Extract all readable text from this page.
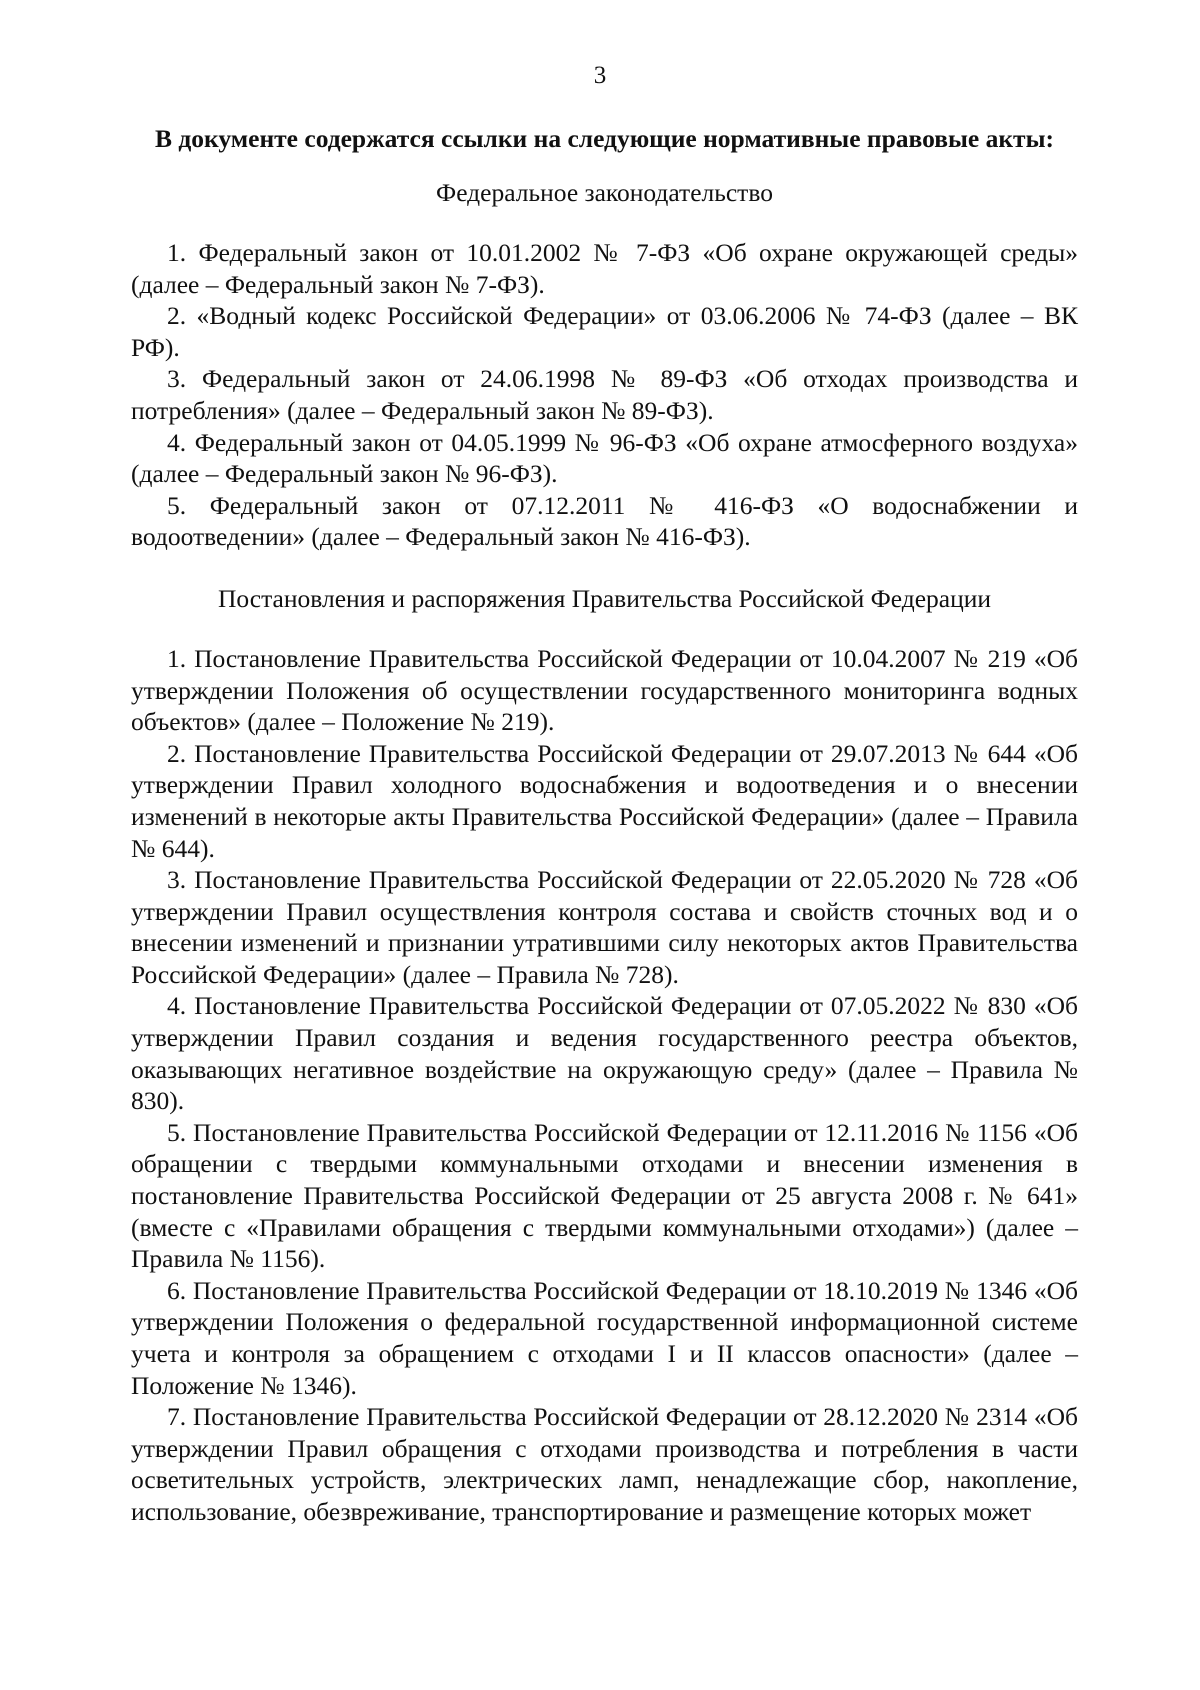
3
В документе содержатся ссылки на следующие нормативные правовые акты:
Федеральное законодательство

1. Федеральный закон от 10.01.2002 № 7-ФЗ «Об охране окружающей среды» (далее – Федеральный закон № 7-ФЗ).

2. «Водный кодекс Российской Федерации» от 03.06.2006 № 74-ФЗ (далее – ВК РФ).

3. Федеральный закон от 24.06.1998 № 89-ФЗ «Об отходах производства и потребления» (далее – Федеральный закон № 89-ФЗ).

4. Федеральный закон от 04.05.1999 № 96-ФЗ «Об охране атмосферного воздуха» (далее – Федеральный закон № 96-ФЗ).

5. Федеральный закон от 07.12.2011 № 416-ФЗ «О водоснабжении и водоотведении» (далее – Федеральный закон № 416-ФЗ).

Постановления и распоряжения Правительства Российской Федерации

1. Постановление Правительства Российской Федерации от 10.04.2007 № 219 «Об утверждении Положения об осуществлении государственного мониторинга водных объектов» (далее – Положение № 219).

2. Постановление Правительства Российской Федерации от 29.07.2013 № 644 «Об утверждении Правил холодного водоснабжения и водоотведения и о внесении изменений в некоторые акты Правительства Российской Федерации» (далее – Правила № 644).

3. Постановление Правительства Российской Федерации от 22.05.2020 № 728 «Об утверждении Правил осуществления контроля состава и свойств сточных вод и о внесении изменений и признании утратившими силу некоторых актов Правительства Российской Федерации» (далее – Правила № 728).

4. Постановление Правительства Российской Федерации от 07.05.2022 № 830 «Об утверждении Правил создания и ведения государственного реестра объектов, оказывающих негативное воздействие на окружающую среду» (далее – Правила № 830).

5. Постановление Правительства Российской Федерации от 12.11.2016 № 1156 «Об обращении с твердыми коммунальными отходами и внесении изменения в постановление Правительства Российской Федерации от 25 августа 2008 г. № 641» (вместе с «Правилами обращения с твердыми коммунальными отходами») (далее – Правила № 1156).

6. Постановление Правительства Российской Федерации от 18.10.2019 № 1346 «Об утверждении Положения о федеральной государственной информационной системе учета и контроля за обращением с отходами I и II классов опасности» (далее – Положение № 1346).

7. Постановление Правительства Российской Федерации от 28.12.2020 № 2314 «Об утверждении Правил обращения с отходами производства и потребления в части осветительных устройств, электрических ламп, ненадлежащие сбор, накопление, использование, обезвреживание, транспортирование и размещение которых может
